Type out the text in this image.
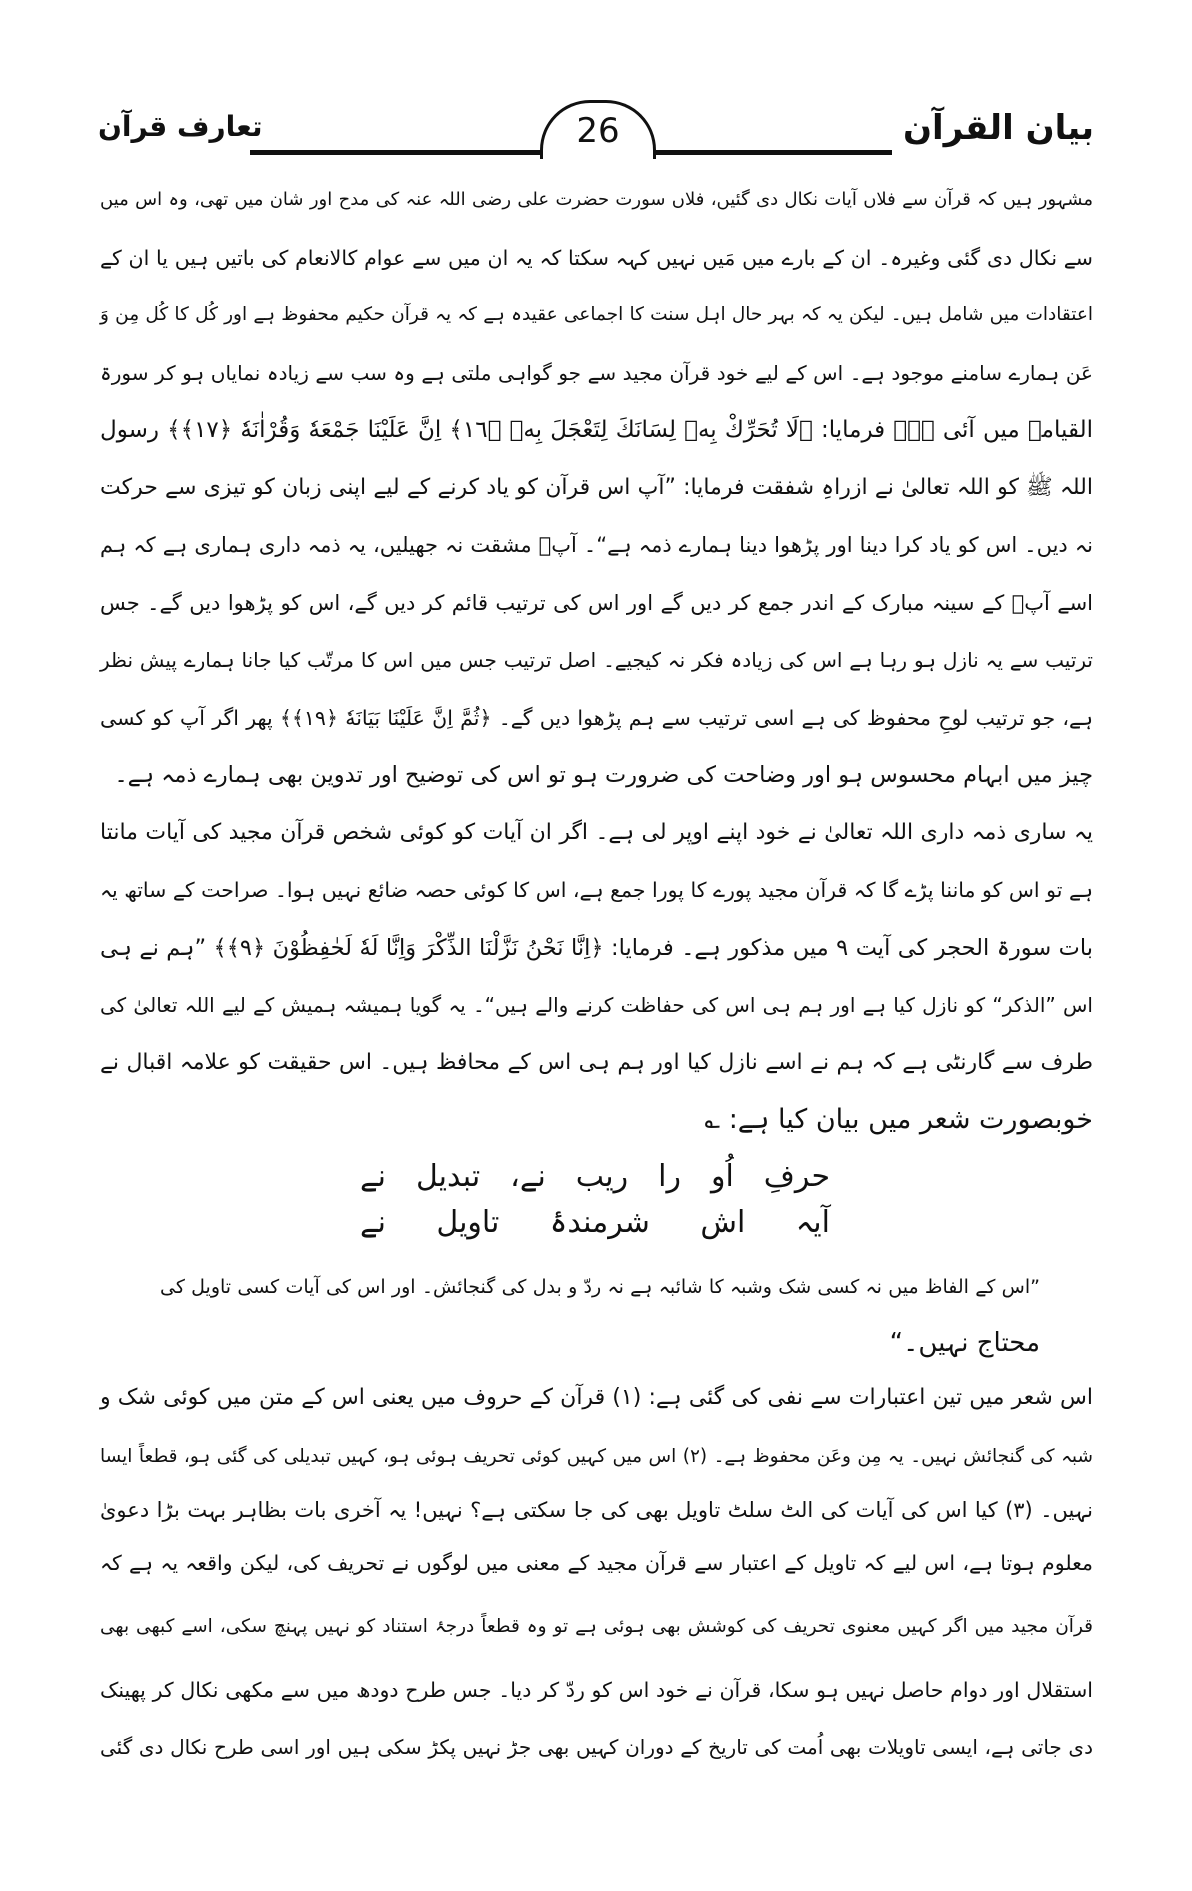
بیان القرآن
26
تعارف قرآن
مشہور ہیں کہ قرآن سے فلاں آیات نکال دی گئیں، فلاں سورت حضرت علی رضی اللہ عنہ کی مدح اور شان میں تھی، وہ اس میں
سے نکال دی گئی وغیرہ۔ ان کے بارے میں مَیں نہیں کہہ سکتا کہ یہ ان میں سے عوام کالانعام کی باتیں ہیں یا ان کے
اعتقادات میں شامل ہیں۔ لیکن یہ کہ بہر حال اہل سنت کا اجماعی عقیدہ ہے کہ یہ قرآن حکیم محفوظ ہے اور کُل کا کُل مِن وَ
عَن ہمارے سامنے موجود ہے۔ اس کے لیے خود قرآن مجید سے جو گواہی ملتی ہے وہ سب سے زیادہ نمایاں ہو کر سورۃ
القیامہ میں آئی ہے۔ فرمایا: ﴿لَا تُحَرِّكْ بِهٖ لِسَانَكَ لِتَعْجَلَ بِهٖ ﴿١٦﴾ اِنَّ عَلَيْنَا جَمْعَهٗ وَقُرْاٰنَهٗ ﴿١٧﴾﴾ رسول
اللہ ﷺ کو اللہ تعالیٰ نے ازراہِ شفقت فرمایا: ”آپ اس قرآن کو یاد کرنے کے لیے اپنی زبان کو تیزی سے حرکت
نہ دیں۔ اس کو یاد کرا دینا اور پڑھوا دینا ہمارے ذمہ ہے“۔ آپؐ مشقت نہ جھیلیں، یہ ذمہ داری ہماری ہے کہ ہم
اسے آپؐ کے سینہ مبارک کے اندر جمع کر دیں گے اور اس کی ترتیب قائم کر دیں گے، اس کو پڑھوا دیں گے۔ جس
ترتیب سے یہ نازل ہو رہا ہے اس کی زیادہ فکر نہ کیجیے۔ اصل ترتیب جس میں اس کا مرتّب کیا جانا ہمارے پیش نظر
ہے، جو ترتیب لوحِ محفوظ کی ہے اسی ترتیب سے ہم پڑھوا دیں گے۔ ﴿ثُمَّ اِنَّ عَلَيْنَا بَيَانَهٗ ﴿١٩﴾﴾ پھر اگر آپ کو کسی
چیز میں ابہام محسوس ہو اور وضاحت کی ضرورت ہو تو اس کی توضیح اور تدوین بھی ہمارے ذمہ ہے۔
یہ ساری ذمہ داری اللہ تعالیٰ نے خود اپنے اوپر لی ہے۔ اگر ان آیات کو کوئی شخص قرآن مجید کی آیات مانتا
ہے تو اس کو ماننا پڑے گا کہ قرآن مجید پورے کا پورا جمع ہے، اس کا کوئی حصہ ضائع نہیں ہوا۔ صراحت کے ساتھ یہ
بات سورۃ الحجر کی آیت ۹ میں مذکور ہے۔ فرمایا: ﴿اِنَّا نَحْنُ نَزَّلْنَا الذِّكْرَ وَاِنَّا لَهٗ لَحٰفِظُوْنَ ﴿٩﴾﴾ ”ہم نے ہی
اس ”الذکر“ کو نازل کیا ہے اور ہم ہی اس کی حفاظت کرنے والے ہیں“۔ یہ گویا ہمیشہ ہمیش کے لیے اللہ تعالیٰ کی
طرف سے گارنٹی ہے کہ ہم نے اسے نازل کیا اور ہم ہی اس کے محافظ ہیں۔ اس حقیقت کو علامہ اقبال نے
خوبصورت شعر میں بیان کیا ہے: ؎
حرفِ اُو را ریب نے، تبدیل نے
آیہ اش شرمندۂ تاویل نے
”اس کے الفاظ میں نہ کسی شک وشبہ کا شائبہ ہے نہ ردّ و بدل کی گنجائش۔ اور اس کی آیات کسی تاویل کی
محتاج نہیں۔“
اس شعر میں تین اعتبارات سے نفی کی گئی ہے: (۱) قرآن کے حروف میں یعنی اس کے متن میں کوئی شک و
شبہ کی گنجائش نہیں۔ یہ مِن وعَن محفوظ ہے۔ (۲) اس میں کہیں کوئی تحریف ہوئی ہو، کہیں تبدیلی کی گئی ہو، قطعاً ایسا
نہیں۔ (۳) کیا اس کی آیات کی الٹ سلٹ تاویل بھی کی جا سکتی ہے؟ نہیں! یہ آخری بات بظاہر بہت بڑا دعویٰ
معلوم ہوتا ہے، اس لیے کہ تاویل کے اعتبار سے قرآن مجید کے معنی میں لوگوں نے تحریف کی، لیکن واقعہ یہ ہے کہ
قرآن مجید میں اگر کہیں معنوی تحریف کی کوشش بھی ہوئی ہے تو وہ قطعاً درجۂ استناد کو نہیں پہنچ سکی، اسے کبھی بھی
استقلال اور دوام حاصل نہیں ہو سکا، قرآن نے خود اس کو ردّ کر دیا۔ جس طرح دودھ میں سے مکھی نکال کر پھینک
دی جاتی ہے، ایسی تاویلات بھی اُمت کی تاریخ کے دوران کہیں بھی جڑ نہیں پکڑ سکی ہیں اور اسی طرح نکال دی گئی
